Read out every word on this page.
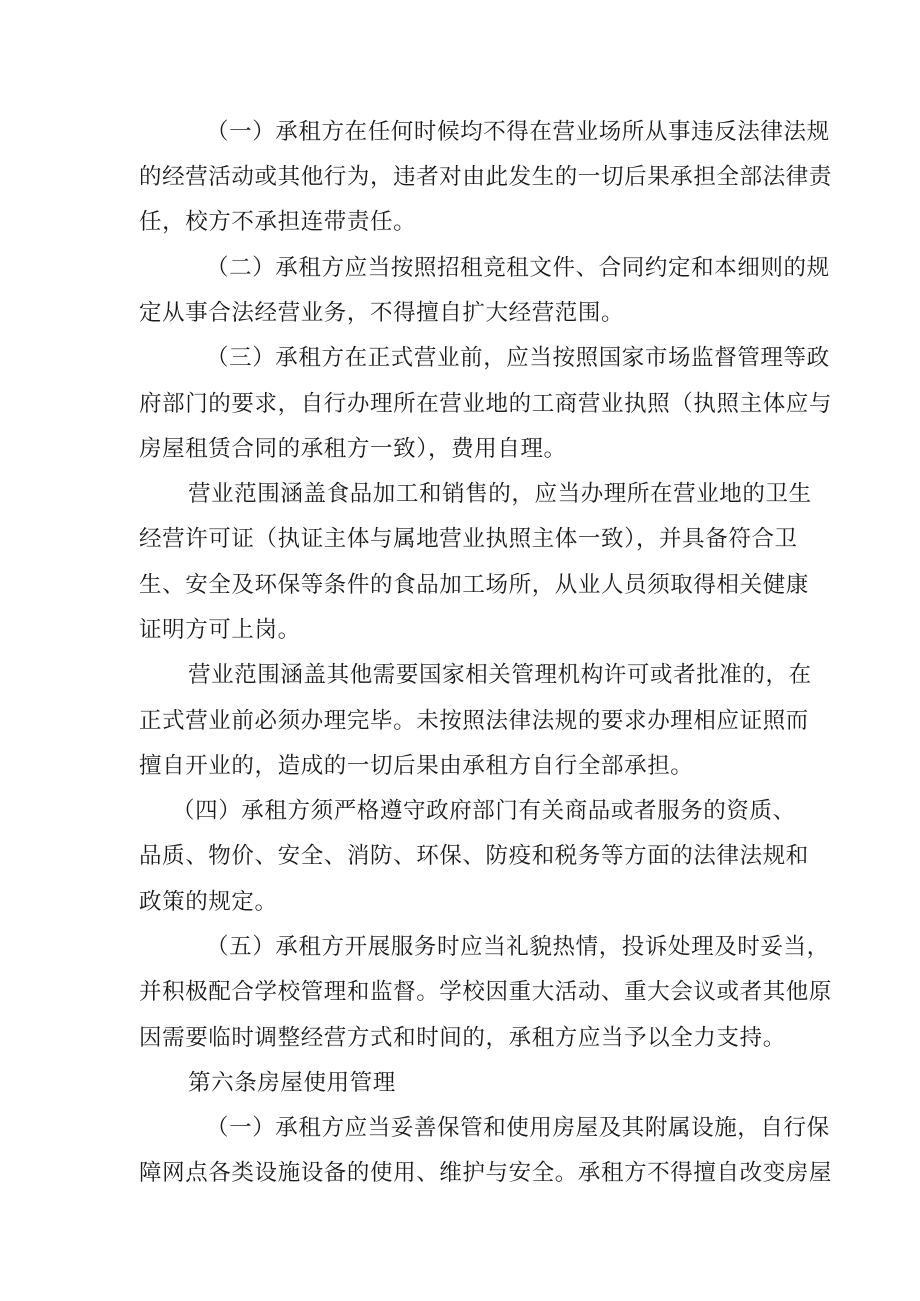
（一）承租方在任何时候均不得在营业场所从事违反法律法规
的经营活动或其他行为，违者对由此发生的一切后果承担全部法律责
任，校方不承担连带责任。
（二）承租方应当按照招租竞租文件、合同约定和本细则的规
定从事合法经营业务，不得擅自扩大经营范围。
（三）承租方在正式营业前，应当按照国家市场监督管理等政
府部门的要求，自行办理所在营业地的工商营业执照（执照主体应与
房屋租赁合同的承租方一致），费用自理。
营业范围涵盖食品加工和销售的，应当办理所在营业地的卫生
经营许可证（执证主体与属地营业执照主体一致），并具备符合卫
生、安全及环保等条件的食品加工场所，从业人员须取得相关健康
证明方可上岗。
营业范围涵盖其他需要国家相关管理机构许可或者批准的，在
正式营业前必须办理完毕。未按照法律法规的要求办理相应证照而
擅自开业的，造成的一切后果由承租方自行全部承担。
（四）承租方须严格遵守政府部门有关商品或者服务的资质、
品质、物价、安全、消防、环保、防疫和税务等方面的法律法规和
政策的规定。
（五）承租方开展服务时应当礼貌热情，投诉处理及时妥当，
并积极配合学校管理和监督。学校因重大活动、重大会议或者其他原
因需要临时调整经营方式和时间的，承租方应当予以全力支持。
第六条房屋使用管理
（一）承租方应当妥善保管和使用房屋及其附属设施，自行保
障网点各类设施设备的使用、维护与安全。承租方不得擅自改变房屋
